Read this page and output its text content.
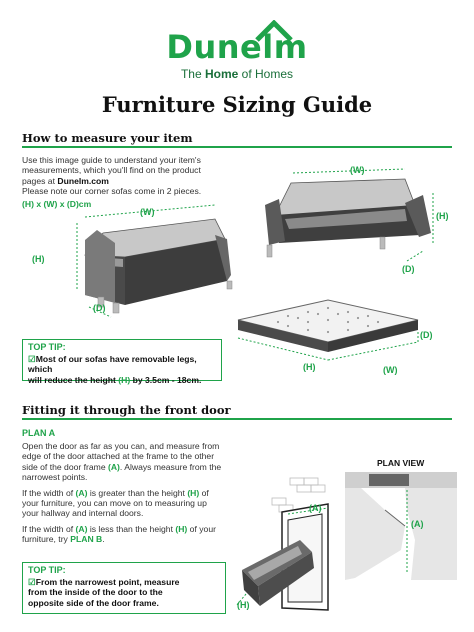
Dunelm
The Home of Homes
Furniture Sizing Guide
How to measure your item
Use this image guide to understand your item's
measurements, which you'll find on the product
pages at Dunelm.com
Please note our corner sofas come in 2 pieces.
(H) x (W) x (D)cm
(W)
(H)
(D)
(W)
(H)
(D)
(D)
(H)	(W)
TOP TIP:
☑Most of our sofas have removable legs, which
will reduce the height (H) by 3.5cm - 18cm.
Fitting it through the front door
PLAN A
Open the door as far as you can, and measure from
edge of the door attached at the frame to the other
side of the door frame (A). Always measure from the
narrowest points.
If the width of (A) is greater than the height (H) of
your furniture, you can move on to measuring up
your hallway and internal doors.
If the width of (A) is less than the height (H) of your
furniture, try PLAN B.
(A)
(H)
PLAN VIEW
(A)
TOP TIP:
☑From the narrowest point, measure
from the inside of the door to the
opposite side of the door frame.
